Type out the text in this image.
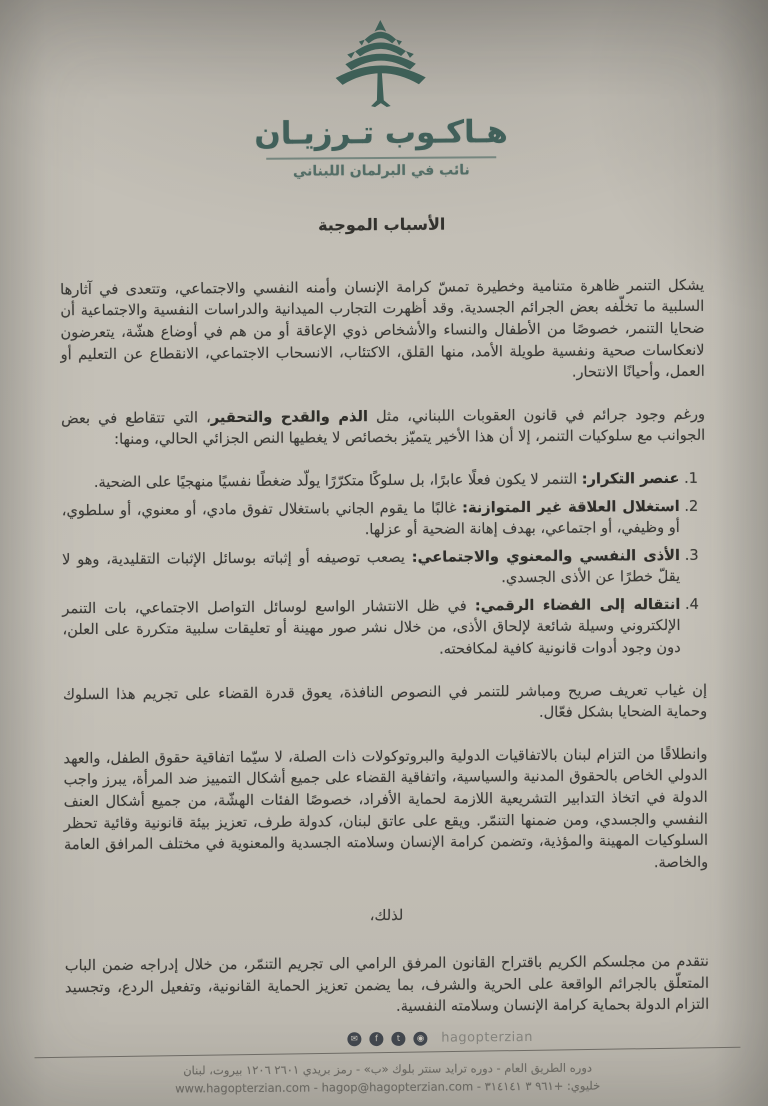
هـاكـوب تـرزيـان
نائب في البرلمان اللبناني
الأسباب الموجبة

يشكل التنمر ظاهرة متنامية وخطيرة تمسّ كرامة الإنسان وأمنه النفسي والاجتماعي، وتتعدى في آثارها السلبية ما تخلّفه بعض الجرائم الجسدية. وقد أظهرت التجارب الميدانية والدراسات النفسية والاجتماعية أن ضحايا التنمر، خصوصًا من الأطفال والنساء والأشخاص ذوي الإعاقة أو من هم في أوضاع هشّة، يتعرضون لانعكاسات صحية ونفسية طويلة الأمد، منها القلق، الاكتئاب، الانسحاب الاجتماعي، الانقطاع عن التعليم أو العمل، وأحيانًا الانتحار.

ورغم وجود جرائم في قانون العقوبات اللبناني، مثل الذم والقدح والتحقير، التي تتقاطع في بعض الجوانب مع سلوكيات التنمر، إلا أن هذا الأخير يتميّز بخصائص لا يغطيها النص الجزائي الحالي، ومنها:

1. عنصر التكرار: التنمر لا يكون فعلًا عابرًا، بل سلوكًا متكرّرًا يولّد ضغطًا نفسيًا منهجيًا على الضحية.
2. استغلال العلاقة غير المتوازنة: غالبًا ما يقوم الجاني باستغلال تفوق مادي، أو معنوي، أو سلطوي، أو وظيفي، أو اجتماعي، بهدف إهانة الضحية أو عزلها.
3. الأذى النفسي والمعنوي والاجتماعي: يصعب توصيفه أو إثباته بوسائل الإثبات التقليدية، وهو لا يقلّ خطرًا عن الأذى الجسدي.
4. انتقاله إلى الفضاء الرقمي: في ظل الانتشار الواسع لوسائل التواصل الاجتماعي، بات التنمر الإلكتروني وسيلة شائعة لإلحاق الأذى، من خلال نشر صور مهينة أو تعليقات سلبية متكررة على العلن، دون وجود أدوات قانونية كافية لمكافحته.

إن غياب تعريف صريح ومباشر للتنمر في النصوص النافذة، يعوق قدرة القضاء على تجريم هذا السلوك وحماية الضحايا بشكل فعّال.

وانطلاقًا من التزام لبنان بالاتفاقيات الدولية والبروتوكولات ذات الصلة، لا سيّما اتفاقية حقوق الطفل، والعهد الدولي الخاص بالحقوق المدنية والسياسية، واتفاقية القضاء على جميع أشكال التمييز ضد المرأة، يبرز واجب الدولة في اتخاذ التدابير التشريعية اللازمة لحماية الأفراد، خصوصًا الفئات الهشّة، من جميع أشكال العنف النفسي والجسدي، ومن ضمنها التنمّر. ويقع على عاتق لبنان، كدولة طرف، تعزيز بيئة قانونية وقائية تحظر السلوكيات المهينة والمؤذية، وتضمن كرامة الإنسان وسلامته الجسدية والمعنوية في مختلف المرافق العامة والخاصة.

لذلك،

نتقدم من مجلسكم الكريم باقتراح القانون المرفق الرامي الى تجريم التنمّر، من خلال إدراجه ضمن الباب المتعلّق بالجرائم الواقعة على الحرية والشرف، بما يضمن تعزيز الحماية القانونية، وتفعيل الردع، وتجسيد التزام الدولة بحماية كرامة الإنسان وسلامته النفسية.

✉ f t ◉ hagopterzian
دوره الطريق العام - دوره ترايد سنتر بلوك «ب» - رمز بريدي ٢٦٠١ ١٢٠٦ بيروت، لبنان
خليوي: ‎+٩٦١ ٣ ٣١٤١٤١ - www.hagopterzian.com - hagop@hagopterzian.com
